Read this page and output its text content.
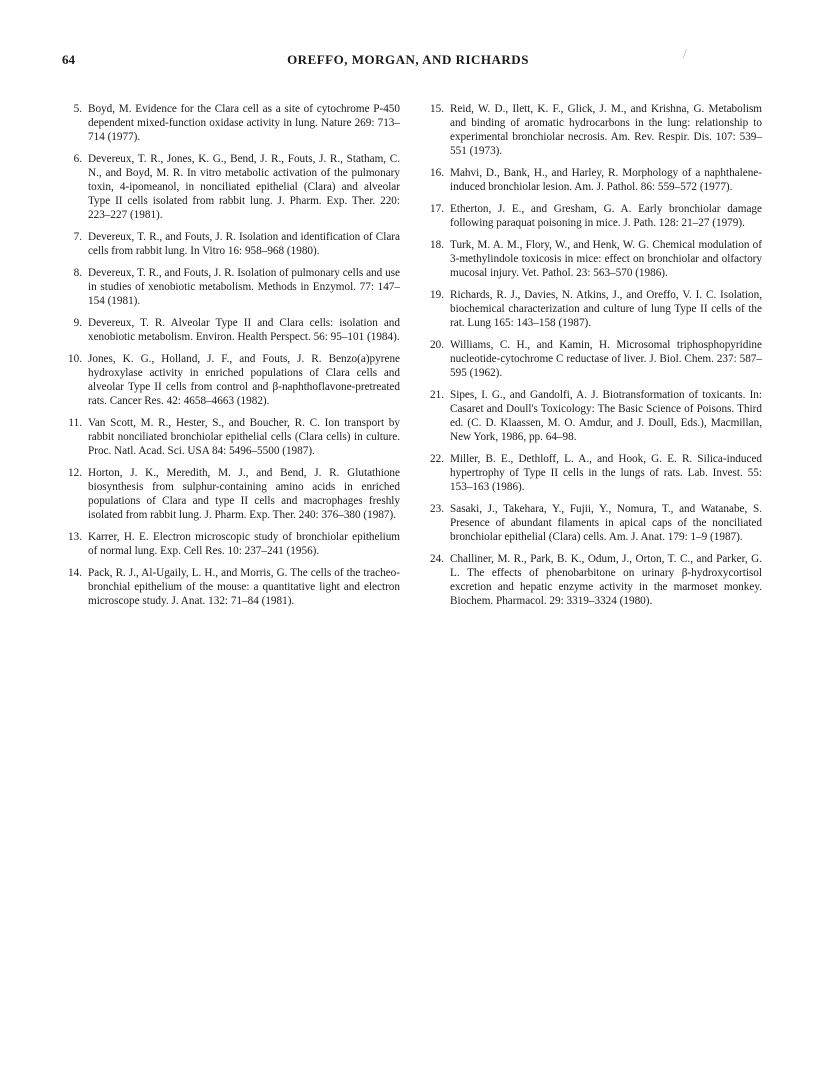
64	OREFFO, MORGAN, AND RICHARDS	/
5. Boyd, M. Evidence for the Clara cell as a site of cytochrome P-450 dependent mixed-function oxidase activity in lung. Nature 269: 713–714 (1977).
6. Devereux, T. R., Jones, K. G., Bend, J. R., Fouts, J. R., Statham, C. N., and Boyd, M. R. In vitro metabolic activation of the pulmonary toxin, 4-ipomeanol, in nonciliated epithelial (Clara) and alveolar Type II cells isolated from rabbit lung. J. Pharm. Exp. Ther. 220: 223–227 (1981).
7. Devereux, T. R., and Fouts, J. R. Isolation and identification of Clara cells from rabbit lung. In Vitro 16: 958–968 (1980).
8. Devereux, T. R., and Fouts, J. R. Isolation of pulmonary cells and use in studies of xenobiotic metabolism. Methods in Enzymol. 77: 147–154 (1981).
9. Devereux, T. R. Alveolar Type II and Clara cells: isolation and xenobiotic metabolism. Environ. Health Perspect. 56: 95–101 (1984).
10. Jones, K. G., Holland, J. F., and Fouts, J. R. Benzo(a)pyrene hydroxylase activity in enriched populations of Clara cells and alveolar Type II cells from control and β-naphthoflavone-pretreated rats. Cancer Res. 42: 4658–4663 (1982).
11. Van Scott, M. R., Hester, S., and Boucher, R. C. Ion transport by rabbit nonciliated bronchiolar epithelial cells (Clara cells) in culture. Proc. Natl. Acad. Sci. USA 84: 5496–5500 (1987).
12. Horton, J. K., Meredith, M. J., and Bend, J. R. Glutathione biosynthesis from sulphur-containing amino acids in enriched populations of Clara and type II cells and macrophages freshly isolated from rabbit lung. J. Pharm. Exp. Ther. 240: 376–380 (1987).
13. Karrer, H. E. Electron microscopic study of bronchiolar epithelium of normal lung. Exp. Cell Res. 10: 237–241 (1956).
14. Pack, R. J., Al-Ugaily, L. H., and Morris, G. The cells of the tracheo-bronchial epithelium of the mouse: a quantitative light and electron microscope study. J. Anat. 132: 71–84 (1981).
15. Reid, W. D., Ilett, K. F., Glick, J. M., and Krishna, G. Metabolism and binding of aromatic hydrocarbons in the lung: relationship to experimental bronchiolar necrosis. Am. Rev. Respir. Dis. 107: 539–551 (1973).
16. Mahvi, D., Bank, H., and Harley, R. Morphology of a naphthalene-induced bronchiolar lesion. Am. J. Pathol. 86: 559–572 (1977).
17. Etherton, J. E., and Gresham, G. A. Early bronchiolar damage following paraquat poisoning in mice. J. Path. 128: 21–27 (1979).
18. Turk, M. A. M., Flory, W., and Henk, W. G. Chemical modulation of 3-methylindole toxicosis in mice: effect on bronchiolar and olfactory mucosal injury. Vet. Pathol. 23: 563–570 (1986).
19. Richards, R. J., Davies, N. Atkins, J., and Oreffo, V. I. C. Isolation, biochemical characterization and culture of lung Type II cells of the rat. Lung 165: 143–158 (1987).
20. Williams, C. H., and Kamin, H. Microsomal triphosphopyridine nucleotide-cytochrome C reductase of liver. J. Biol. Chem. 237: 587–595 (1962).
21. Sipes, I. G., and Gandolfi, A. J. Biotransformation of toxicants. In: Casaret and Doull's Toxicology: The Basic Science of Poisons. Third ed. (C. D. Klaassen, M. O. Amdur, and J. Doull, Eds.), Macmillan, New York, 1986, pp. 64–98.
22. Miller, B. E., Dethloff, L. A., and Hook, G. E. R. Silica-induced hypertrophy of Type II cells in the lungs of rats. Lab. Invest. 55: 153–163 (1986).
23. Sasaki, J., Takehara, Y., Fujii, Y., Nomura, T., and Watanabe, S. Presence of abundant filaments in apical caps of the nonciliated bronchiolar epithelial (Clara) cells. Am. J. Anat. 179: 1–9 (1987).
24. Challiner, M. R., Park, B. K., Odum, J., Orton, T. C., and Parker, G. L. The effects of phenobarbitone on urinary β-hydroxycortisol excretion and hepatic enzyme activity in the marmoset monkey. Biochem. Pharmacol. 29: 3319–3324 (1980).
